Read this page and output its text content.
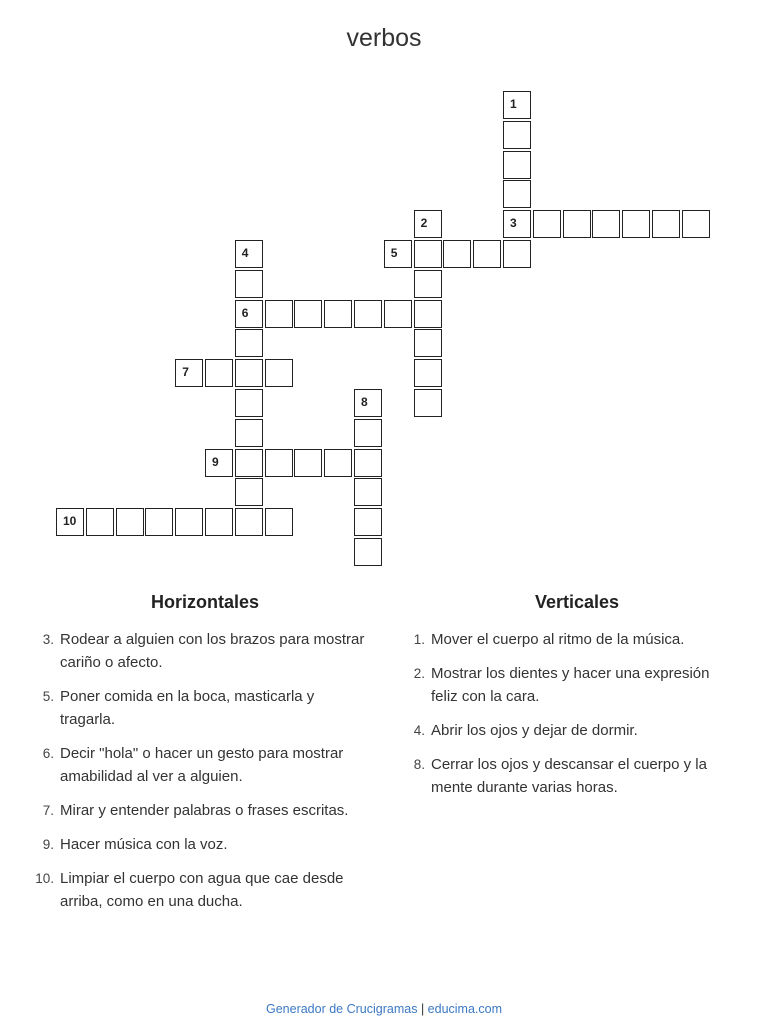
verbos
1
3
2
4
6
5
7
8
9
10
Horizontales	Verticales
3. Rodear a alguien con los brazos para mostrar cariño o afecto.
5. Poner comida en la boca, masticarla y tragarla.
6. Decir "hola" o hacer un gesto para mostrar amabilidad al ver a alguien.
7. Mirar y entender palabras o frases escritas.
9. Hacer música con la voz.
10. Limpiar el cuerpo con agua que cae desde arriba, como en una ducha.
1. Mover el cuerpo al ritmo de la música.
2. Mostrar los dientes y hacer una expresión feliz con la cara.
4. Abrir los ojos y dejar de dormir.
8. Cerrar los ojos y descansar el cuerpo y la mente durante varias horas.
Generador de Crucigramas | educima.com
